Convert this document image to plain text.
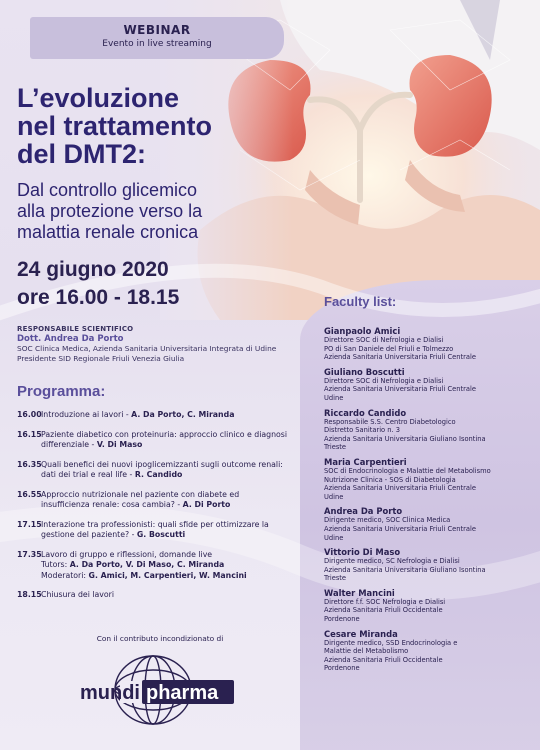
WEBINAR
Evento in live streaming
L’evoluzione
nel trattamento
del DMT2:
Dal controllo glicemico
alla protezione verso la
malattia renale cronica
24 giugno 2020
ore 16.00 - 18.15
RESPONSABILE SCIENTIFICO
Dott. Andrea Da Porto
SOC Clinica Medica, Azienda Sanitaria Universitaria Integrata di Udine
Presidente SID Regionale Friuli Venezia Giulia
Programma:
16.00 Introduzione ai lavori - A. Da Porto, C. Miranda
16.15 Paziente diabetico con proteinuria: approccio clinico e diagnosi
differenziale - V. Di Maso
16.35 Quali benefici dei nuovi ipoglicemizzanti sugli outcome renali:
dati dei trial e real life - R. Candido
16.55 Approccio nutrizionale nel paziente con diabete ed
insufficienza renale: cosa cambia? - A. Di Porto
17.15 Interazione tra professionisti: quali sfide per ottimizzare la
gestione del paziente? - G. Boscutti
17.35 Lavoro di gruppo e riflessioni, domande live
Tutors: A. Da Porto, V. Di Maso, C. Miranda
Moderatori: G. Amici, M. Carpentieri, W. Mancini
18.15 Chiusura dei lavori
Con il contributo incondizionato di
mundi pharma
Faculty list:
Gianpaolo Amici
Direttore SOC di Nefrologia e Dialisi
PO di San Daniele del Friuli e Tolmezzo
Azienda Sanitaria Universitaria Friuli Centrale
Giuliano Boscutti
Direttore SOC di Nefrologia e Dialisi
Azienda Sanitaria Universitaria Friuli Centrale
Udine
Riccardo Candido
Responsabile S.S. Centro Diabetologico
Distretto Sanitario n. 3
Azienda Sanitaria Universitaria Giuliano Isontina
Trieste
Maria Carpentieri
SOC di Endocrinologia e Malattie del Metabolismo
Nutrizione Clinica - SOS di Diabetologia
Azienda Sanitaria Universitaria Friuli Centrale
Udine
Andrea Da Porto
Dirigente medico, SOC Clinica Medica
Azienda Sanitaria Universitaria Friuli Centrale
Udine
Vittorio Di Maso
Dirigente medico, SC Nefrologia e Dialisi
Azienda Sanitaria Universitaria Giuliano Isontina
Trieste
Walter Mancini
Direttore f.f. SOC Nefrologia e Dialisi
Azienda Sanitaria Friuli Occidentale
Pordenone
Cesare Miranda
Dirigente medico, SSD Endocrinologia e
Malattie del Metabolismo
Azienda Sanitaria Friuli Occidentale
Pordenone
